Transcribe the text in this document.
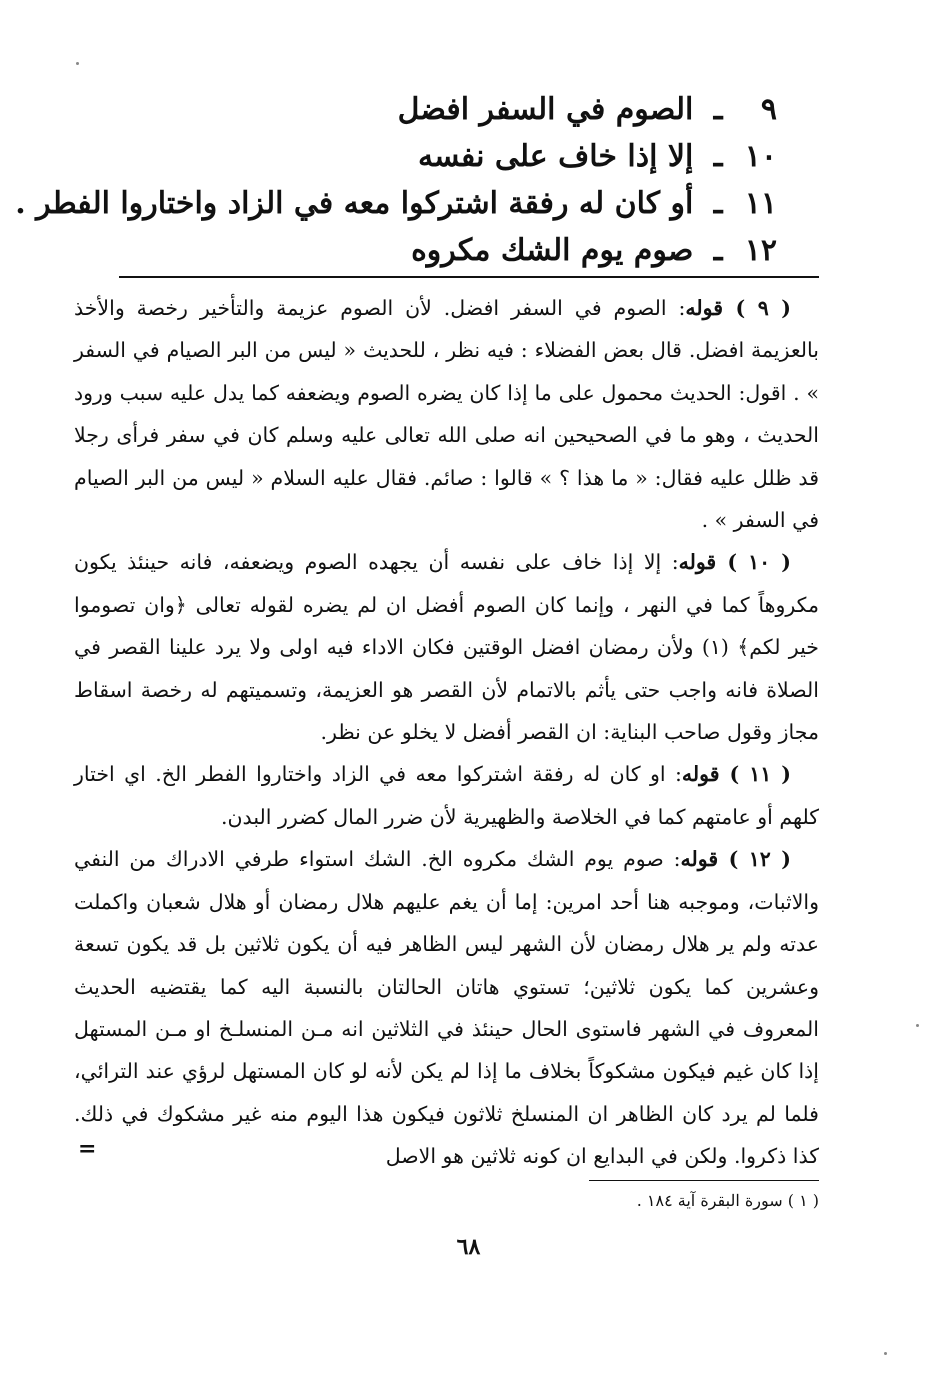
٩ ـ الصوم في السفر افضل
١٠ ـ إلا إذا خاف على نفسه
١١ ـ أو كان له رفقة اشتركوا معه في الزاد واختاروا الفطر .
١٢ ـ صوم يوم الشك مكروه

( ٩ ) قوله: الصوم في السفر افضل. لأن الصوم عزيمة والتأخير رخصة والأخذ بالعزيمة افضل. قال بعض الفضلاء : فيه نظر ، للحديث « ليس من البر الصيام في السفر » . اقول: الحديث محمول على ما إذا كان يضره الصوم ويضعفه كما يدل عليه سبب ورود الحديث ، وهو ما في الصحيحين انه صلى الله تعالى عليه وسلم كان في سفر فرأى رجلا قد ظلل عليه فقال: « ما هذا ؟ » قالوا : صائم. فقال عليه السلام « ليس من البر الصيام في السفر » .

( ١٠ ) قوله: إلا إذا خاف على نفسه أن يجهده الصوم ويضعفه، فانه حينئذ يكون مكروهاً كما في النهر ، وإنما كان الصوم أفضل ان لم يضره لقوله تعالى ﴿وان تصوموا خير لكم﴾ (١) ولأن رمضان افضل الوقتين فكان الاداء فيه اولى ولا يرد علينا القصر في الصلاة فانه واجب حتى يأثم بالاتمام لأن القصر هو العزيمة، وتسميتهم له رخصة اسقاط مجاز وقول صاحب البناية: ان القصر أفضل لا يخلو عن نظر.

( ١١ ) قوله: او كان له رفقة اشتركوا معه في الزاد واختاروا الفطر الخ. اي اختار كلهم أو عامتهم كما في الخلاصة والظهيرية لأن ضرر المال كضرر البدن.

( ١٢ ) قوله: صوم يوم الشك مكروه الخ. الشك استواء طرفي الادراك من النفي والاثبات، وموجبه هنا أحد امرين: إما أن يغم عليهم هلال رمضان أو هلال شعبان واكملت عدته ولم ير هلال رمضان لأن الشهر ليس الظاهر فيه أن يكون ثلاثين بل قد يكون تسعة وعشرين كما يكون ثلاثين؛ تستوي هاتان الحالتان بالنسبة اليه كما يقتضيه الحديث المعروف في الشهر فاستوى الحال حينئذ في الثلاثين انه مـن المنسلـخ او مـن المستهل إذا كان غيم فيكون مشكوكاً بخلاف ما إذا لم يكن لأنه لو كان المستهل لرؤي عند الترائي، فلما لم يرد كان الظاهر ان المنسلخ ثلاثون فيكون هذا اليوم منه غير مشكوك في ذلك. كذا ذكروا. ولكن في البدايع ان كونه ثلاثين هو الاصل

=
( ١ ) سورة البقرة آية ١٨٤ .
٦٨
